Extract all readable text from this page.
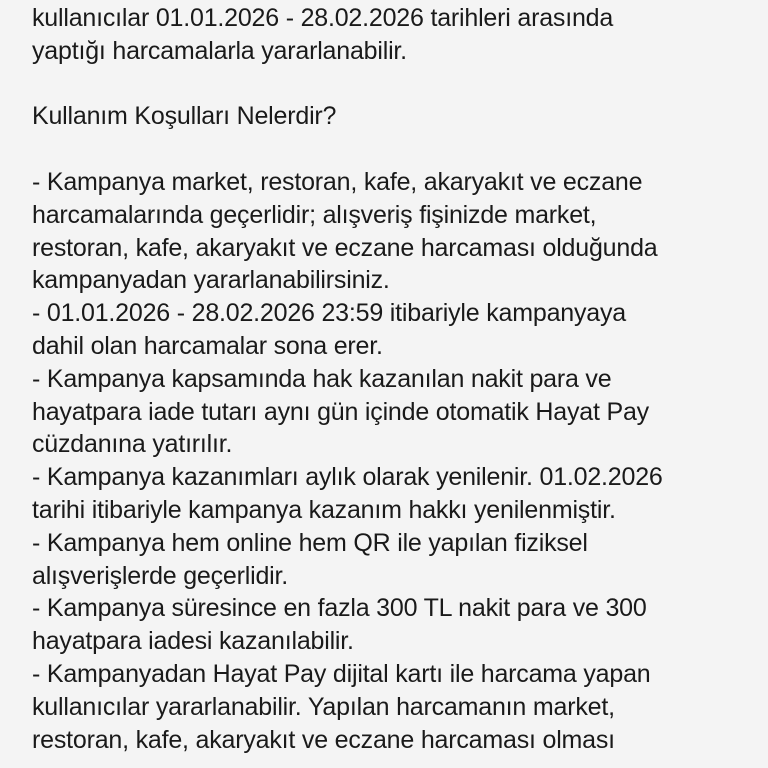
kullanıcılar 01.01.2026 - 28.02.2026 tarihleri arasında
yaptığı harcamalarla yararlanabilir.
Kullanım Koşulları Nelerdir?
- Kampanya market, restoran, kafe, akaryakıt ve eczane
harcamalarında geçerlidir; alışveriş fişinizde market,
restoran, kafe, akaryakıt ve eczane harcaması olduğunda
kampanyadan yararlanabilirsiniz.
- 01.01.2026 - 28.02.2026 23:59 itibariyle kampanyaya
dahil olan harcamalar sona erer.
- Kampanya kapsamında hak kazanılan nakit para ve
hayatpara iade tutarı aynı gün içinde otomatik Hayat Pay
cüzdanına yatırılır.
- Kampanya kazanımları aylık olarak yenilenir. 01.02.2026
tarihi itibariyle kampanya kazanım hakkı yenilenmiştir.
- Kampanya hem online hem QR ile yapılan fiziksel
alışverişlerde geçerlidir.
- Kampanya süresince en fazla 300 TL nakit para ve 300
hayatpara iadesi kazanılabilir.
- Kampanyadan Hayat Pay dijital kartı ile harcama yapan
kullanıcılar yararlanabilir. Yapılan harcamanın market,
restoran, kafe, akaryakıt ve eczane harcaması olması
